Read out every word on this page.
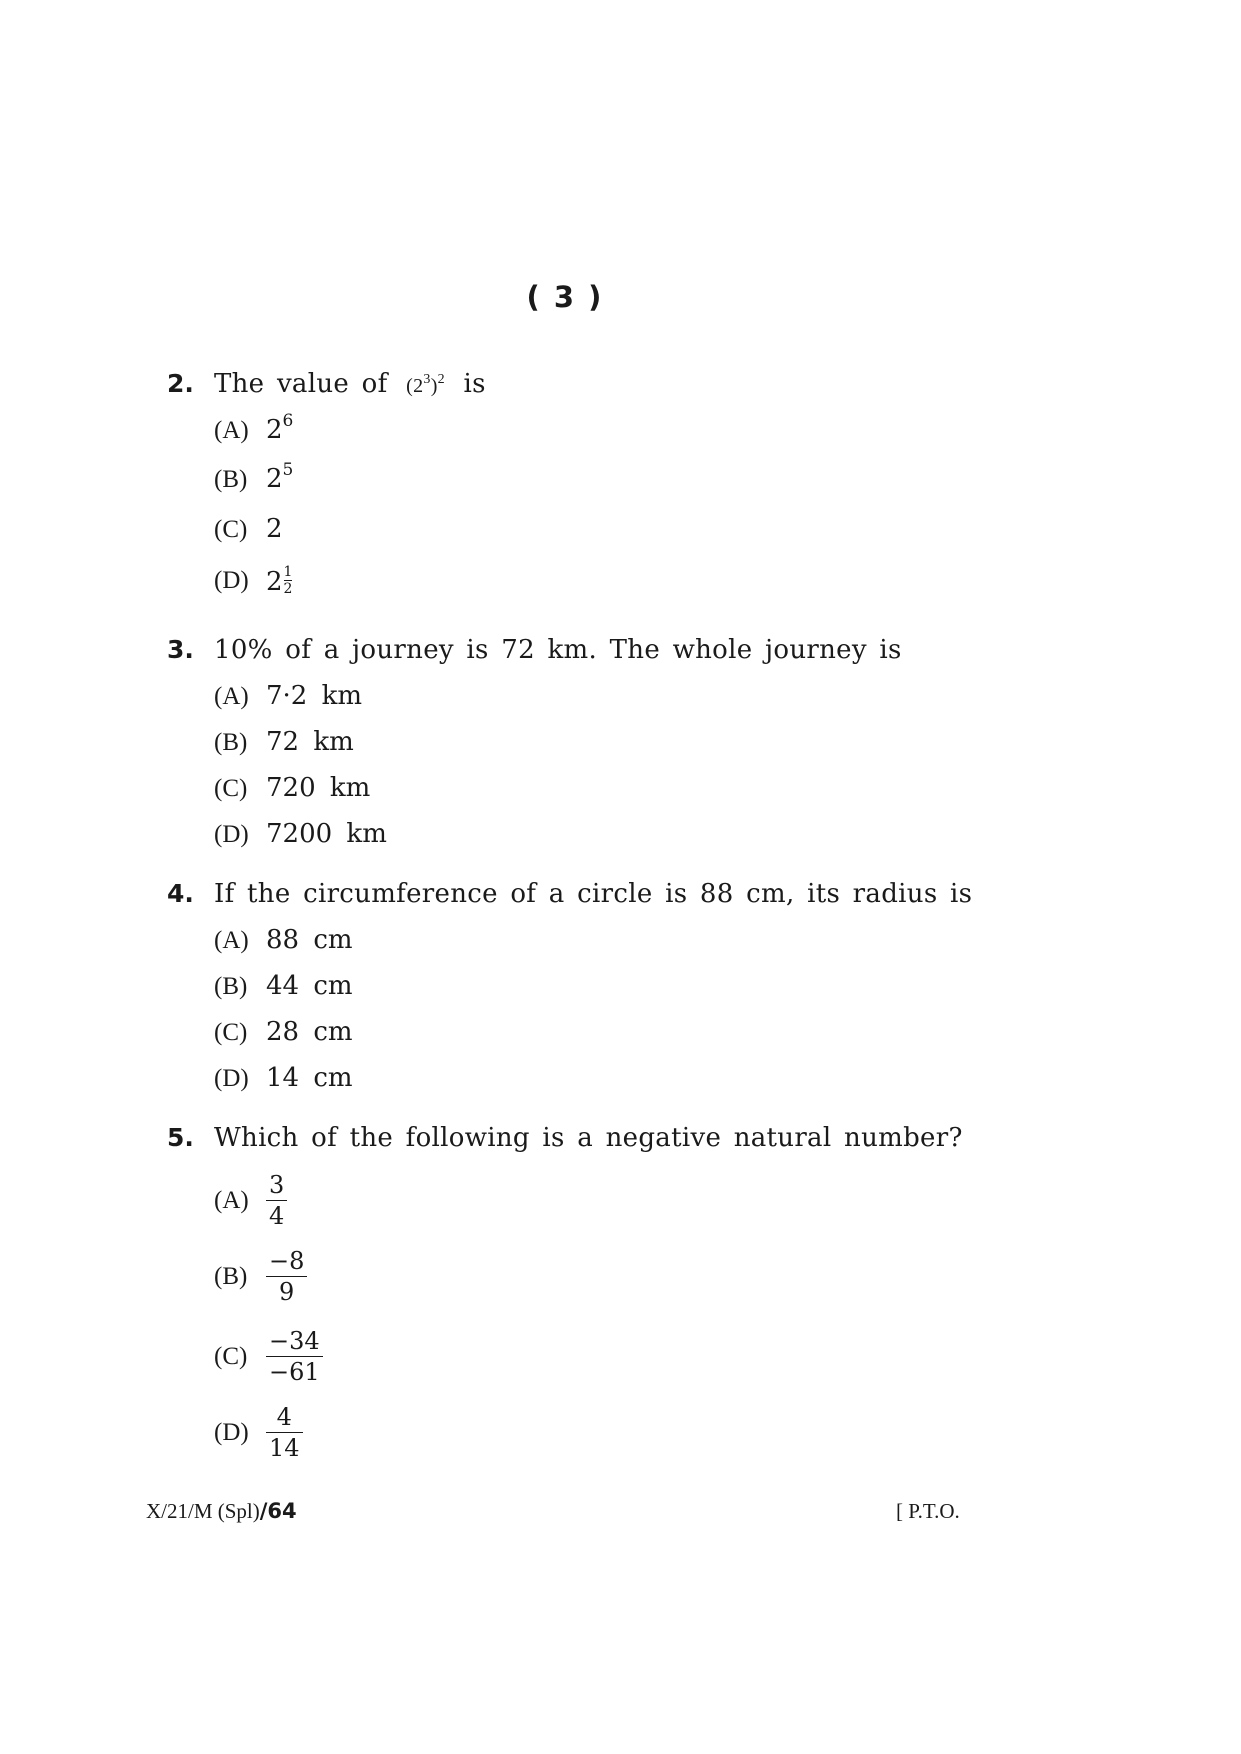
( 3 )
2. The value of $(2^3)^2$ is
(A) $2^6$
(B) $2^5$
(C) 2
(D) $2 \frac{1}{2}$
3. 10% of a journey is 72 km. The whole journey is
(A) 7·2 km
(B) 72 km
(C) 720 km
(D) 7200 km
4. If the circumference of a circle is 88 cm, its radius is
(A) 88 cm
(B) 44 cm
(C) 28 cm
(D) 14 cm
5. Which of the following is a negative natural number?
$(A) \frac{3}{4}$
$(B) \frac{-8}{9}$
$(C) \frac{-34}{-61}$
$(D) \frac{4}{14}$
X/21/M (Spl)/64	[ P.T.O.
